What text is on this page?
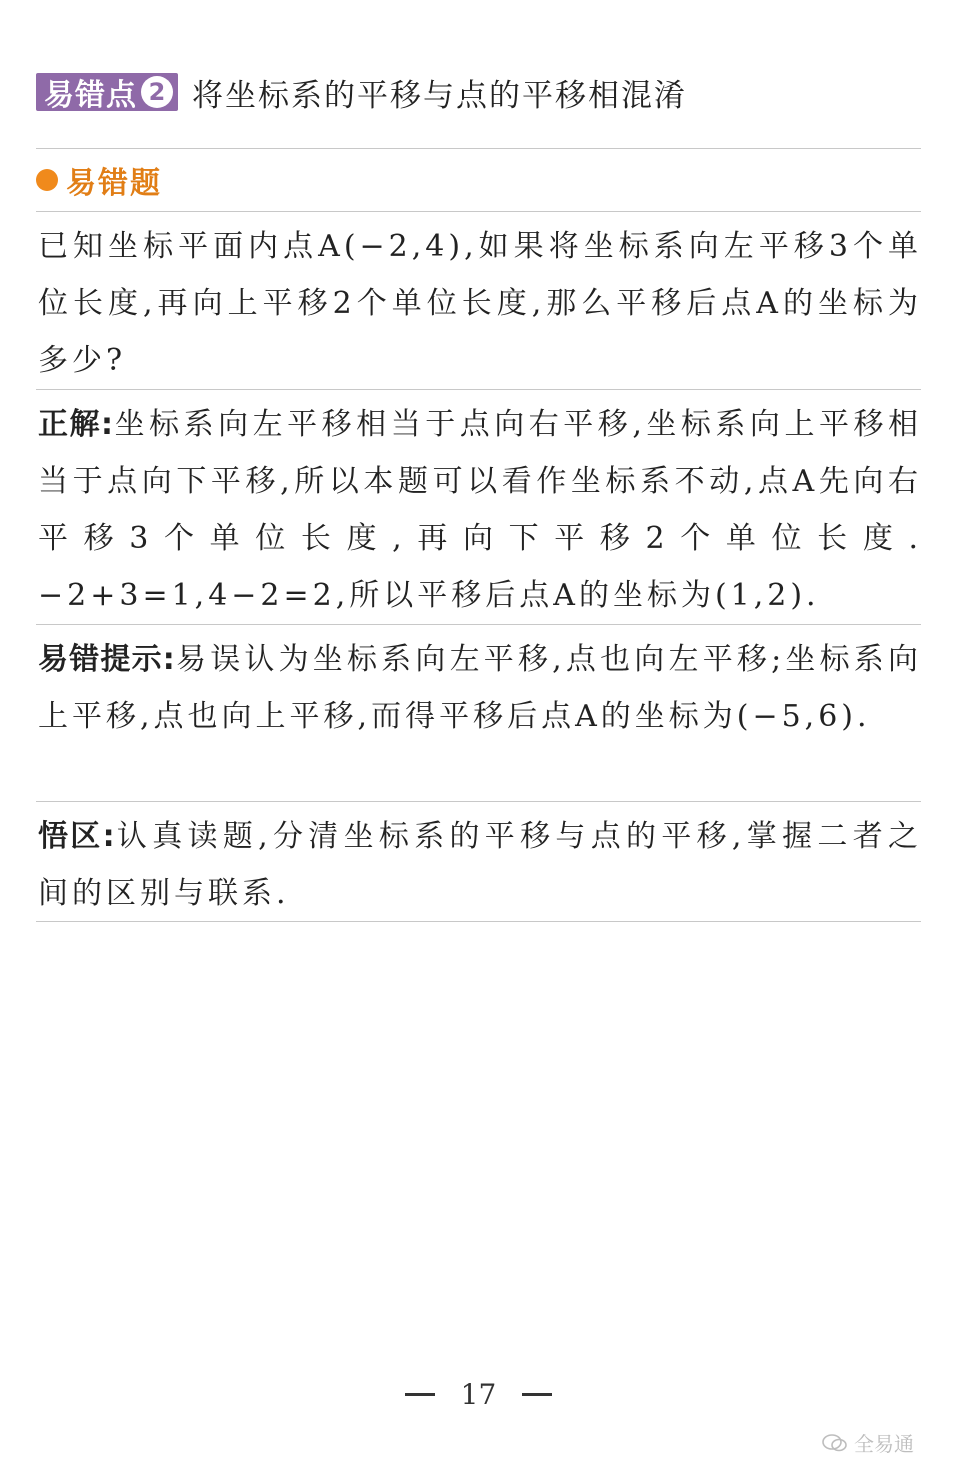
易错点 2 将坐标系的平移与点的平移相混淆
易错题

已知坐标平面内点A(−2,4),如果将坐标系向左平移3个单位长度,再向上平移2个单位长度,那么平移后点A的坐标为多少?

正解:坐标系向左平移相当于点向右平移,坐标系向上平移相当于点向下平移,所以本题可以看作坐标系不动,点A先向右平移3个单位长度,再向下平移2个单位长度.−2+3=1,4−2=2,所以平移后点A的坐标为(1,2).

易错提示:易误认为坐标系向左平移,点也向左平移;坐标系向上平移,点也向上平移,而得平移后点A的坐标为(−5,6).

悟区:认真读题,分清坐标系的平移与点的平移,掌握二者之间的区别与联系.

17
全易通
